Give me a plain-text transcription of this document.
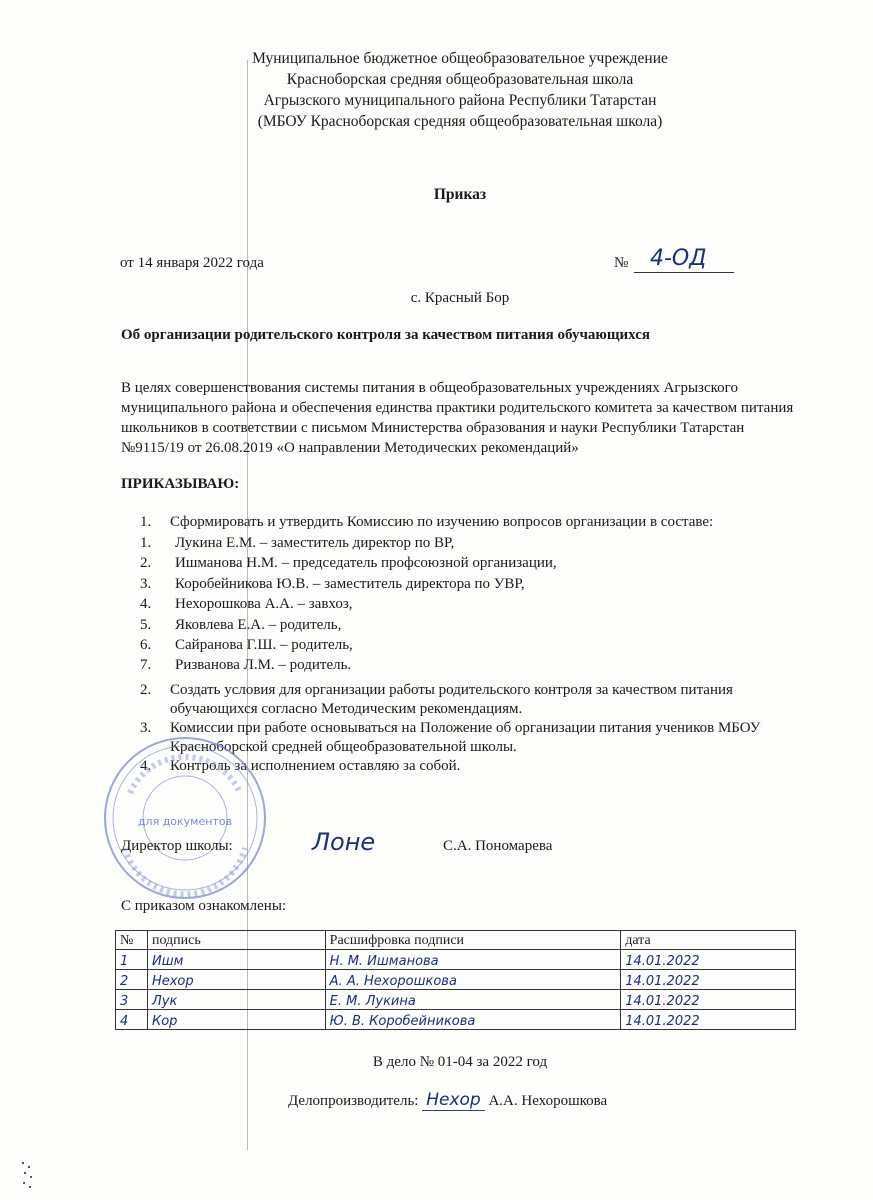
Муниципальное бюджетное общеобразовательное учреждение
Красноборская средняя общеобразовательная школа
Агрызского муниципального района Республики Татарстан
(МБОУ Красноборская средняя общеобразовательная школа)
Приказ
от 14 января 2022 года	№ 4-ОД
с. Красный Бор
Об организации родительского контроля за качеством питания обучающихся
В целях совершенствования системы питания в общеобразовательных учреждениях Агрызского муниципального района и обеспечения единства практики родительского комитета за качеством питания школьников в соответствии с письмом Министерства образования и науки Республики Татарстан №9115/19 от 26.08.2019 «О направлении Методических рекомендаций»
ПРИКАЗЫВАЮ:
1. Сформировать и утвердить Комиссию по изучению вопросов организации в составе:
1. Лукина Е.М. – заместитель директор по ВР,
2. Ишманова Н.М. – председатель профсоюзной организации,
3. Коробейникова Ю.В. – заместитель директора по УВР,
4. Нехорошкова А.А. – завхоз,
5. Яковлева Е.А. – родитель,
6. Сайранова Г.Ш. – родитель,
7. Ризванова Л.М. – родитель.
2. Создать условия для организации работы родительского контроля за качеством питания обучающихся согласно Методическим рекомендациям.
3. Комиссии при работе основываться на Положение об организации питания учеников МБОУ Красноборской средней общеобразовательной школы.
4. Контроль за исполнением оставляю за собой.
для документов
Директор школы:	Лоне	С.А. Пономарева
С приказом ознакомлены:
№	подпись	Расшифровка подписи	дата
1	Ишм	Н. М. Ишманова	14.01.2022
2	Нехор	А. А. Нехорошкова	14.01.2022
3	Лук	Е. М. Лукина	14.01.2022
4	Кор	Ю. В. Коробейникова	14.01.2022
В дело № 01-04 за 2022 год
Делопроизводитель: Нехор А.А. Нехорошкова
